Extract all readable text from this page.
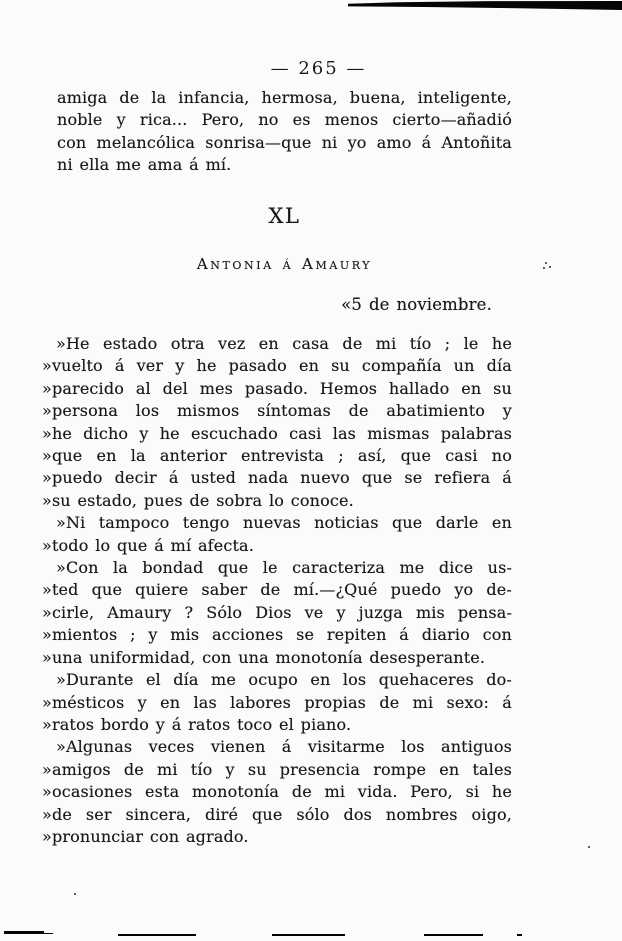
— 265 —
amiga de la infancia, hermosa, buena, inteligente,
noble y rica... Pero, no es menos cierto—añadió
con melancólica sonrisa—que ni yo amo á Antoñita
ni ella me ama á mí.
XL
Antonia á Amaury
«5 de noviembre.
»He estado otra vez en casa de mi tío ; le he
»vuelto á ver y he pasado en su compañía un día
»parecido al del mes pasado. Hemos hallado en su
»persona los mismos síntomas de abatimiento y
»he dicho y he escuchado casi las mismas palabras
»que en la anterior entrevista ; así, que casi no
»puedo decir á usted nada nuevo que se refiera á
»su estado, pues de sobra lo conoce.
»Ni tampoco tengo nuevas noticias que darle en
»todo lo que á mí afecta.
»Con la bondad que le caracteriza me dice us-
»ted que quiere saber de mí.—¿Qué puedo yo de-
»cirle, Amaury ? Sólo Dios ve y juzga mis pensa-
»mientos ; y mis acciones se repiten á diario con
»una uniformidad, con una monotonía desesperante.
»Durante el día me ocupo en los quehaceres do-
»mésticos y en las labores propias de mi sexo: á
»ratos bordo y á ratos toco el piano.
»Algunas veces vienen á visitarme los antiguos
»amigos de mi tío y su presencia rompe en tales
»ocasiones esta monotonía de mi vida. Pero, si he
»de ser sincera, diré que sólo dos nombres oigo,
»pronunciar con agrado.
